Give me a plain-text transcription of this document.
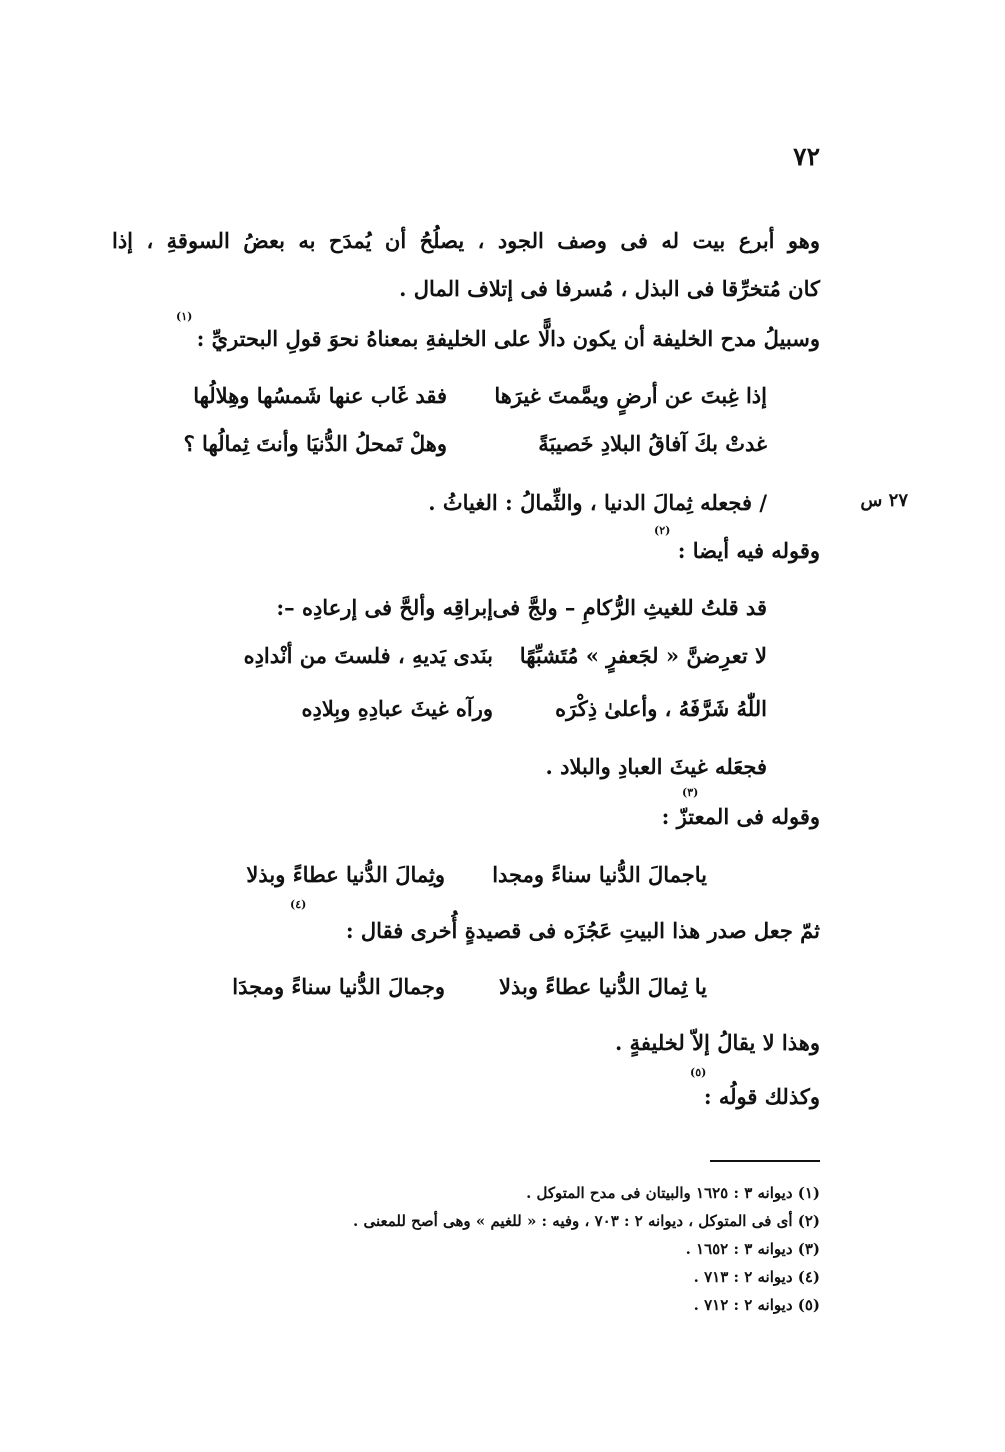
٧٢
وهو أبرع بيت له فى وصف الجود ، يصلُحُ أن يُمدَح به بعضُ السوقةِ ، إذا
كان مُتخرِّقا فى البذل ، مُسرفا فى إتلاف المال .
(١)
وسبيلُ مدح الخليفة أن يكون دالًّا على الخليفةِ بمعناهُ نحوَ قولِ البحتريِّ :
إذا غِبتَ عن أرضٍ ويمَّمتَ غيرَها
فقد غَاب عنها شَمسُها وهِلالُها
غدتْ بكَ آفاقُ البلادِ خَصيبَةً
وهلْ تَمحلُ الدُّنيَا وأنتَ ثِمالُها ؟
/ فجعله ثِمالَ الدنيا ، والثِّمالُ : الغياثُ .	٢٧ س
(٢)
وقوله فيه أيضا :
قد قلتُ للغيثِ الرُّكامِ – ولجَّ فى
إبراقِه وألحَّ فى إرعادِه –:
لا تعرِضنَّ « لجَعفرٍ » مُتَشبِّهًا
بنَدى يَديهِ ، فلستَ من أنْدادِه
اللّٰهُ شَرَّفَهُ ، وأعلىٰ ذِكْرَه
ورآه غيثَ عبادِهِ وبِلادِه
فجعَله غيثَ العبادِ والبلاد .
(٣)
وقوله فى المعتزّ :
ياجمالَ الدُّنيا سناءً ومجدا
وثِمالَ الدُّنيا عطاءً وبذلا
(٤)
ثمّ جعل صدر هذا البيتِ عَجُزَه فى قصيدةٍ أُخرى فقال :
يا ثِمالَ الدُّنيا عطاءً وبذلا
وجمالَ الدُّنيا سناءً ومجدَا
وهذا لا يقالُ إلاّ لخليفةٍ .
(٥)
وكذلك قولُه :
(١) ديوانه ٣ : ١٦٢٥ والبيتان فى مدح المتوكل .
(٢) أى فى المتوكل ، ديوانه ٢ : ٧٠٣ ، وفيه : « للغيم » وهى أصح للمعنى .
(٣) ديوانه ٣ : ١٦٥٢ .
(٤) ديوانه ٢ : ٧١٣ .
(٥) ديوانه ٢ : ٧١٢ .
